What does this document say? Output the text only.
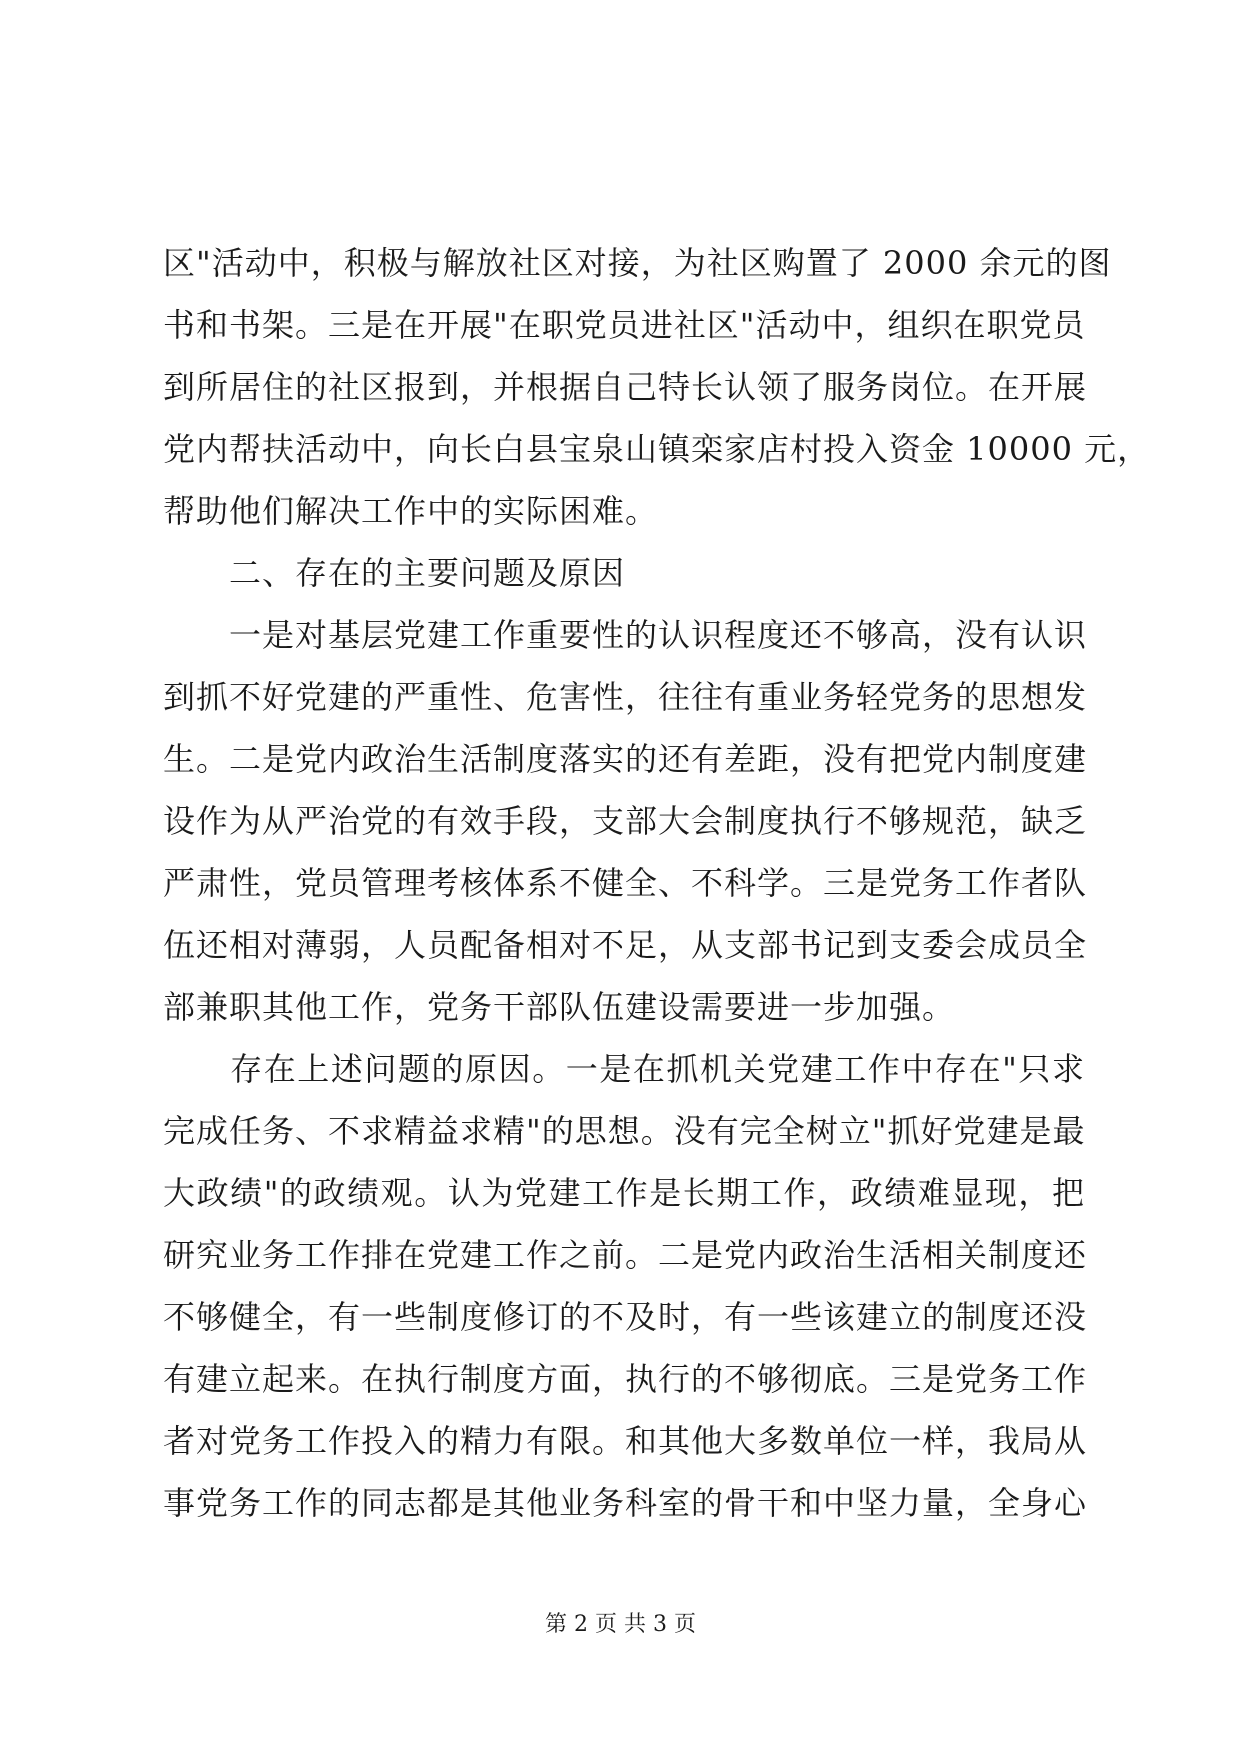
区"活动中，积极与解放社区对接，为社区购置了 2000 余元的图
书和书架。三是在开展"在职党员进社区"活动中，组织在职党员
到所居住的社区报到，并根据自己特长认领了服务岗位。在开展
党内帮扶活动中，向长白县宝泉山镇栾家店村投入资金 10000 元，
帮助他们解决工作中的实际困难。
　　二、存在的主要问题及原因
　　一是对基层党建工作重要性的认识程度还不够高，没有认识
到抓不好党建的严重性、危害性，往往有重业务轻党务的思想发
生。二是党内政治生活制度落实的还有差距，没有把党内制度建
设作为从严治党的有效手段，支部大会制度执行不够规范，缺乏
严肃性，党员管理考核体系不健全、不科学。三是党务工作者队
伍还相对薄弱，人员配备相对不足，从支部书记到支委会成员全
部兼职其他工作，党务干部队伍建设需要进一步加强。
　　存在上述问题的原因。一是在抓机关党建工作中存在"只求
完成任务、不求精益求精"的思想。没有完全树立"抓好党建是最
大政绩"的政绩观。认为党建工作是长期工作，政绩难显现，把
研究业务工作排在党建工作之前。二是党内政治生活相关制度还
不够健全，有一些制度修订的不及时，有一些该建立的制度还没
有建立起来。在执行制度方面，执行的不够彻底。三是党务工作
者对党务工作投入的精力有限。和其他大多数单位一样，我局从
事党务工作的同志都是其他业务科室的骨干和中坚力量，全身心
第 2 页 共 3 页
